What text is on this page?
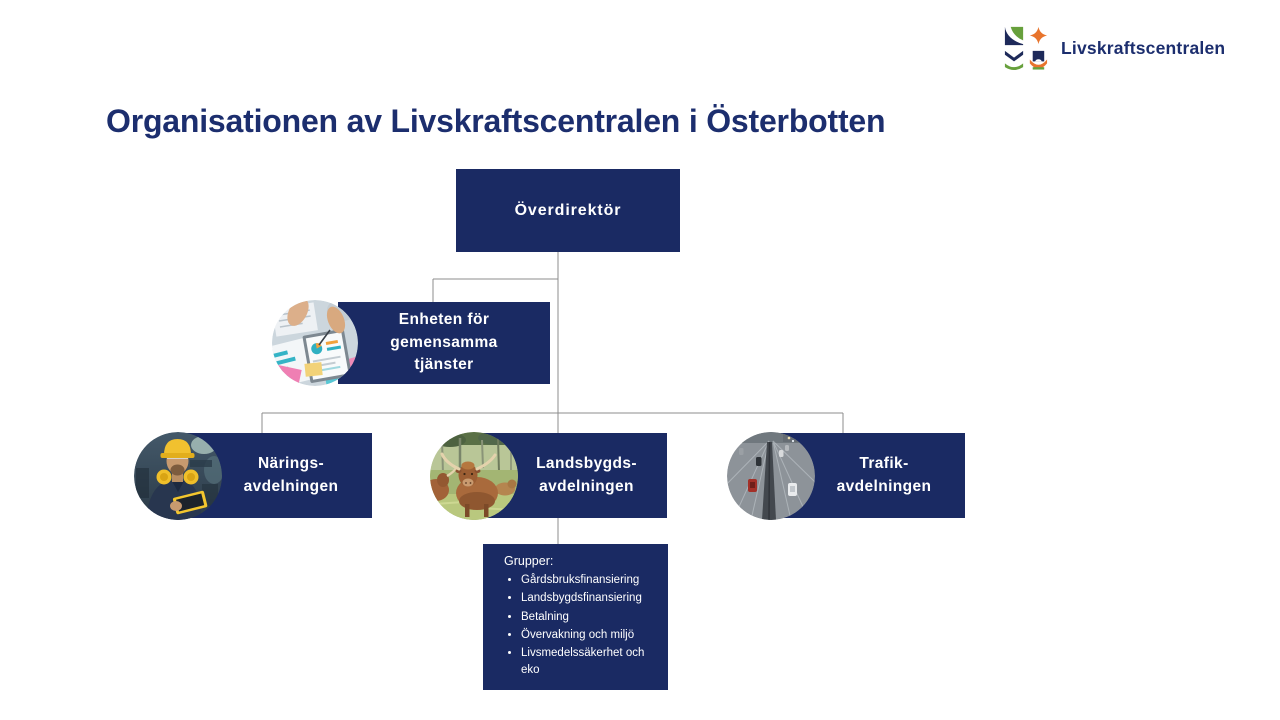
Livskraftscentralen
Organisationen av Livskraftscentralen i Österbotten
Överdirektör
Enheten för
gemensamma
tjänster
Närings-
avdelningen
Landsbygds-
avdelningen
Trafik-
avdelningen

Grupper:

• Gårdsbruksfinansiering
• Landsbygdsfinansiering
• Betalning
• Övervakning och miljö
• Livsmedelssäkerhet och eko
